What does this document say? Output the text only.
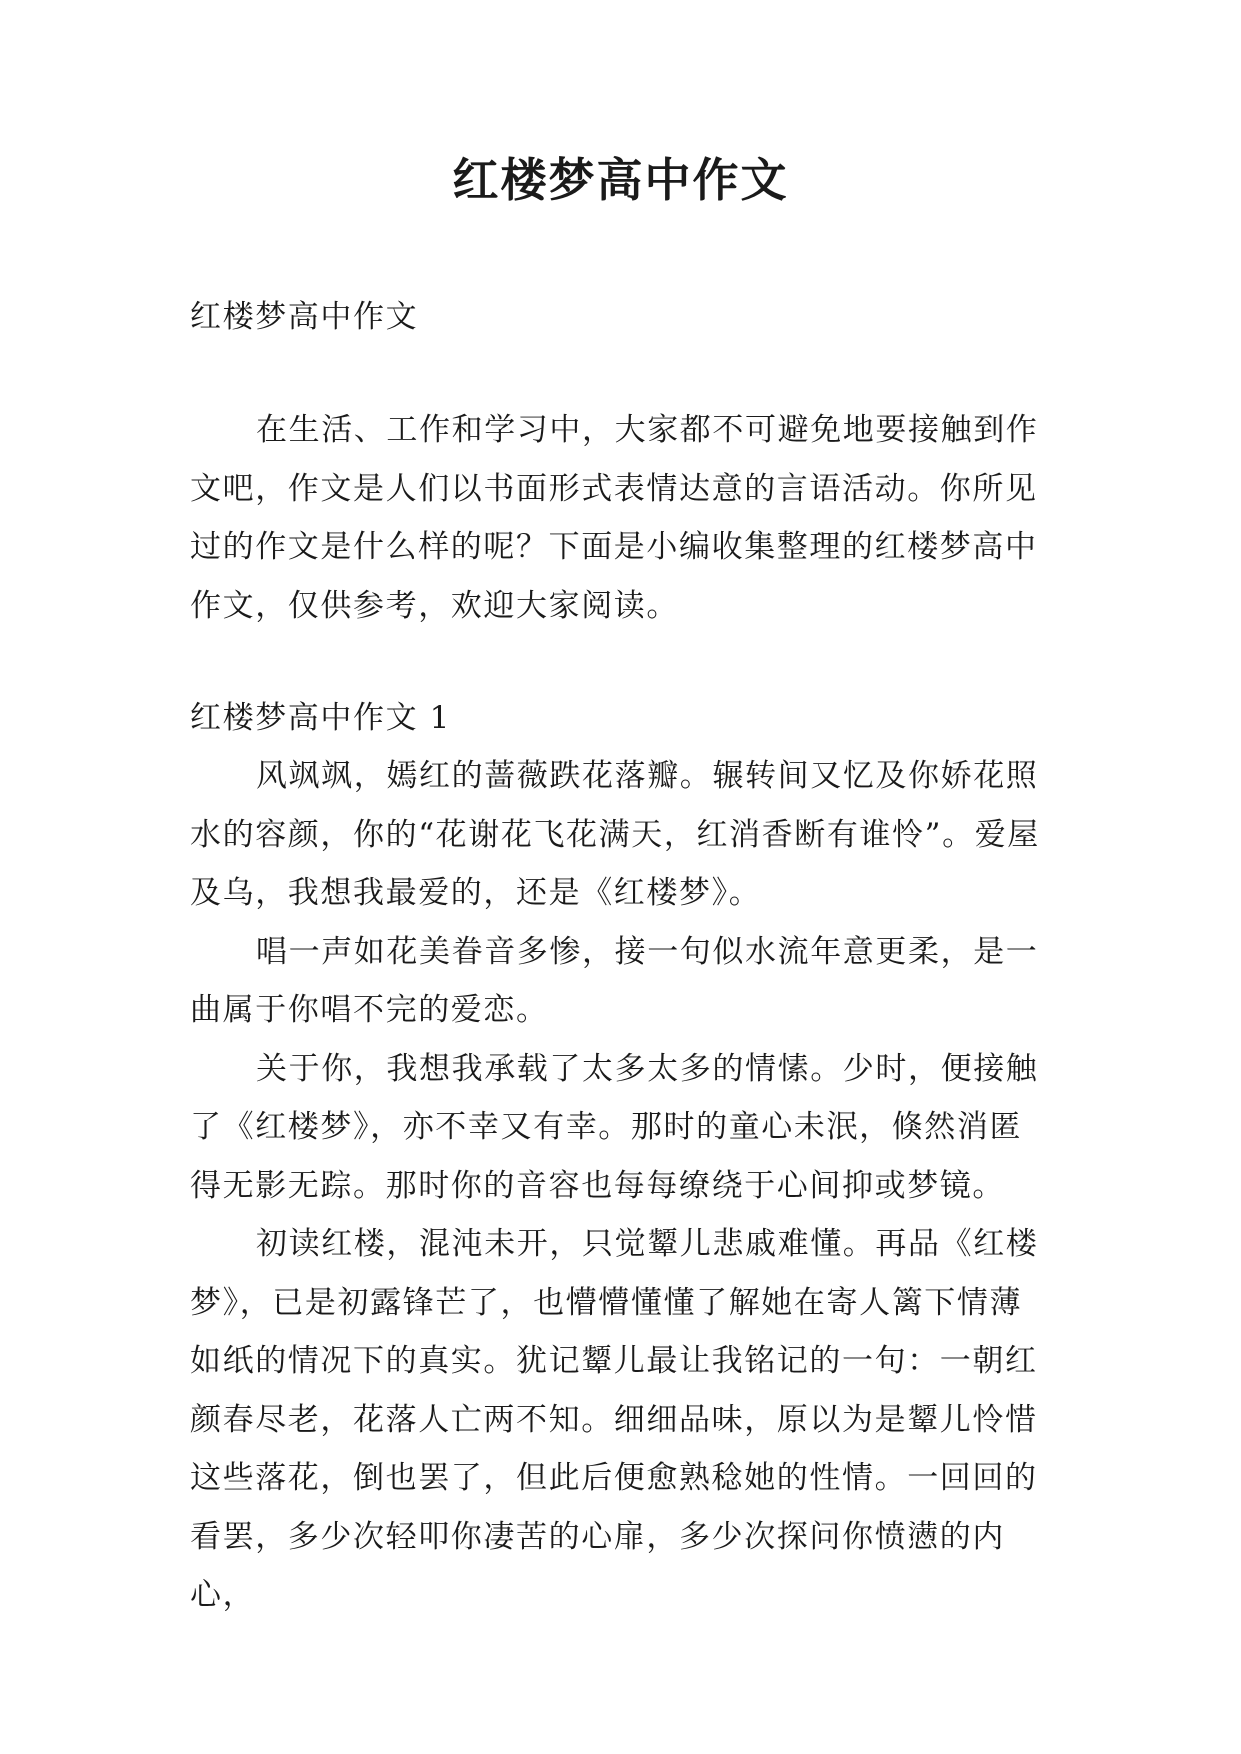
红楼梦高中作文

红楼梦高中作文

在生活、工作和学习中，大家都不可避免地要接触到作文吧，作文是人们以书面形式表情达意的言语活动。你所见过的作文是什么样的呢？下面是小编收集整理的红楼梦高中作文，仅供参考，欢迎大家阅读。

红楼梦高中作文 1

风飒飒，嫣红的蔷薇跌花落瓣。辗转间又忆及你娇花照水的容颜，你的“花谢花飞花满天，红消香断有谁怜”。爱屋及乌，我想我最爱的，还是《红楼梦》。

唱一声如花美眷音多惨，接一句似水流年意更柔，是一曲属于你唱不完的爱恋。

关于你，我想我承载了太多太多的情愫。少时，便接触了《红楼梦》，亦不幸又有幸。那时的童心未泯，倏然消匿得无影无踪。那时你的音容也每每缭绕于心间抑或梦镜。

初读红楼，混沌未开，只觉颦儿悲戚难懂。再品《红楼梦》，已是初露锋芒了，也懵懵懂懂了解她在寄人篱下情薄如纸的情况下的真实。犹记颦儿最让我铭记的一句：一朝红颜春尽老，花落人亡两不知。细细品味，原以为是颦儿怜惜这些落花，倒也罢了，但此后便愈熟稔她的性情。一回回的看罢，多少次轻叩你凄苦的心扉，多少次探问你愤懑的内心，
